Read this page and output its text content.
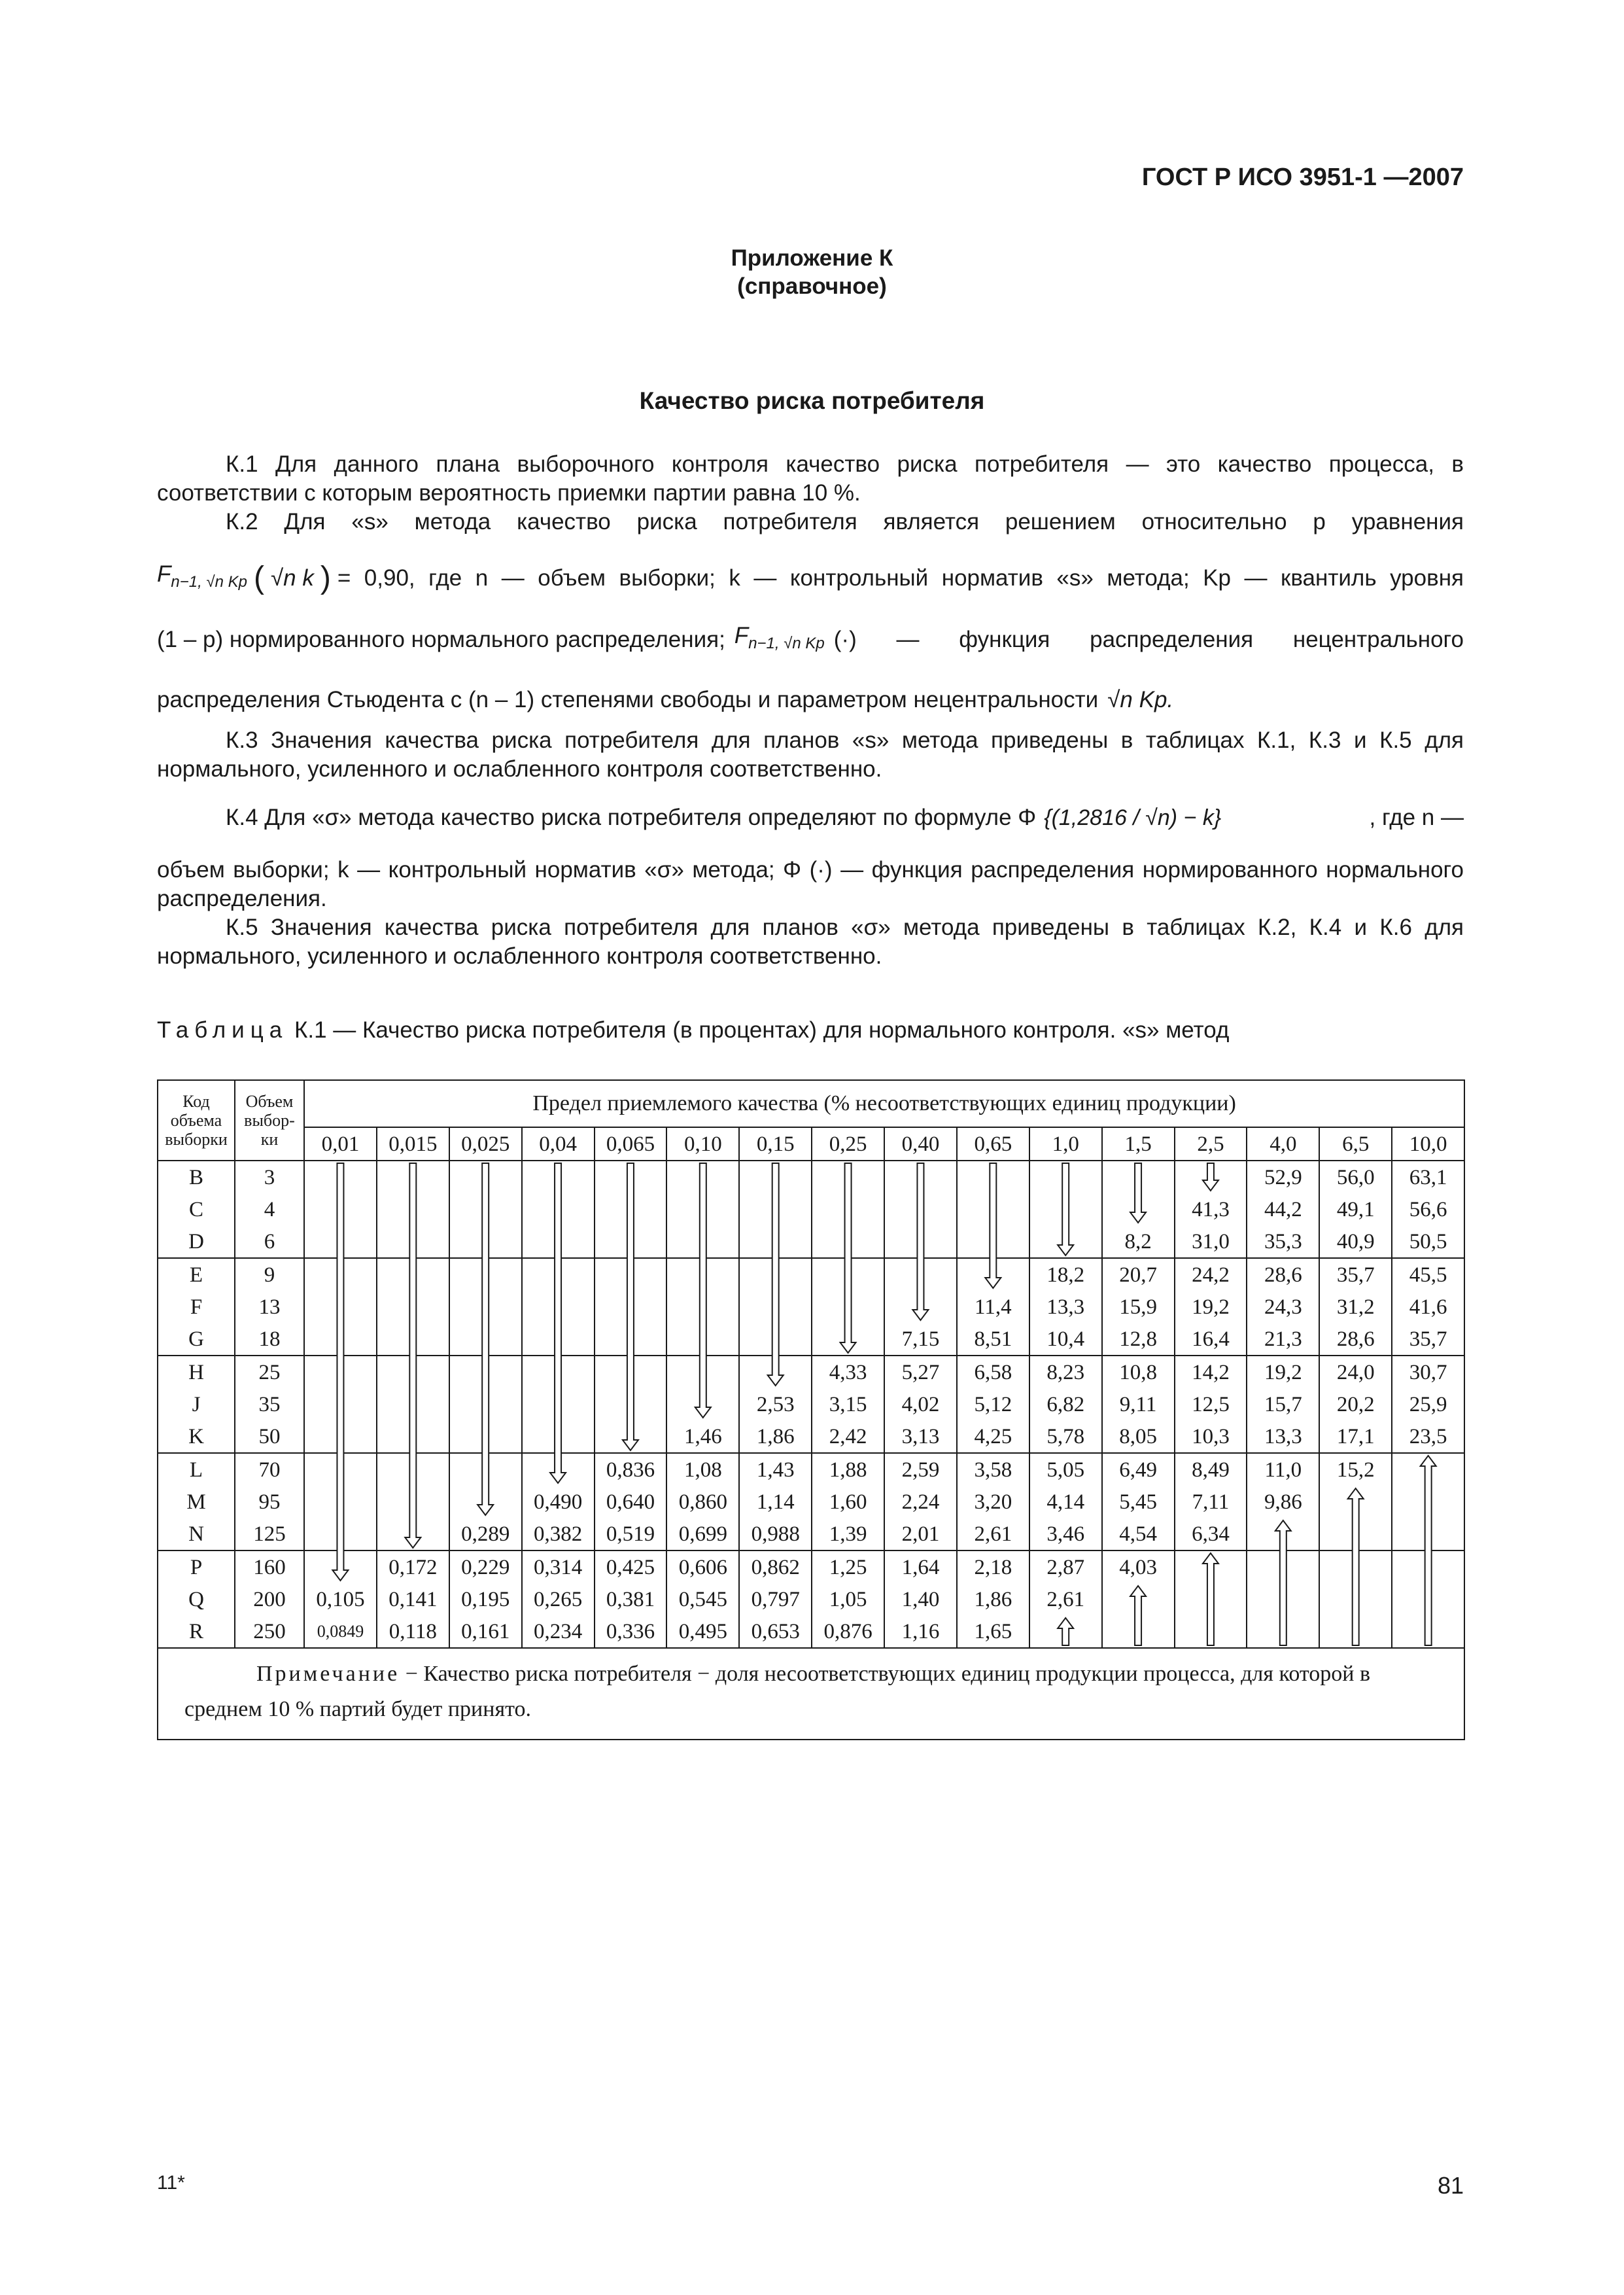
ГОСТ Р ИСО 3951-1 —2007
Приложение К
(справочное)
Качество риска потребителя
К.1 Для данного плана выборочного контроля качество риска потребителя — это качество процесса, в соответствии с которым вероятность приемки партии равна 10 %.
К.2 Для «s» метода качество риска потребителя является решением относительно p уравнения
$F_{n-1, √n Kp}$ ( √n k ) = 0,90, где n — объем выборки; k — контрольный норматив «s» метода; Kp — квантиль уровня
(1 – p) нормированного нормального распределения; $F_{n-1, √n Kp}$ (·) — функция распределения нецентрального
распределения Стьюдента с (n – 1) степенями свободы и параметром нецентральности √n Kp.
К.3 Значения качества риска потребителя для планов «s» метода приведены в таблицах К.1, К.3 и К.5 для нормального, усиленного и ослабленного контроля соответственно.
К.4 Для «σ» метода качество риска потребителя определяют по формуле Φ {(1,2816 / √n) − k}	, где n —
объем выборки; k — контрольный норматив «σ» метода; Φ (·) — функция распределения нормированного нормального распределения.
К.5 Значения качества риска потребителя для планов «σ» метода приведены в таблицах К.2, К.4 и К.6 для нормального, усиленного и ослабленного контроля соответственно.
Таблица К.1 — Качество риска потребителя (в процентах) для нормального контроля. «s» метод
Код объема выборки	Объем выбор-ки	Предел приемлемого качества (% несоответствующих единиц продукции)															
		0,01	0,015	0,025	0,04	0,065	0,10	0,15	0,25	0,40	0,65	1,0	1,5	2,5	4,0	6,5	10,0
B	3														52,9	56,0	63,1
C	4													41,3	44,2	49,1	56,6
D	6												8,2	31,0	35,3	40,9	50,5
E	9											18,2	20,7	24,2	28,6	35,7	45,5
F	13										11,4	13,3	15,9	19,2	24,3	31,2	41,6
G	18									7,15	8,51	10,4	12,8	16,4	21,3	28,6	35,7
H	25								4,33	5,27	6,58	8,23	10,8	14,2	19,2	24,0	30,7
J	35							2,53	3,15	4,02	5,12	6,82	9,11	12,5	15,7	20,2	25,9
K	50						1,46	1,86	2,42	3,13	4,25	5,78	8,05	10,3	13,3	17,1	23,5
L	70					0,836	1,08	1,43	1,88	2,59	3,58	5,05	6,49	8,49	11,0	15,2	
M	95				0,490	0,640	0,860	1,14	1,60	2,24	3,20	4,14	5,45	7,11	9,86		
N	125			0,289	0,382	0,519	0,699	0,988	1,39	2,01	2,61	3,46	4,54	6,34			
P	160		0,172	0,229	0,314	0,425	0,606	0,862	1,25	1,64	2,18	2,87	4,03				
Q	200	0,105	0,141	0,195	0,265	0,381	0,545	0,797	1,05	1,40	1,86	2,61					
R	250	0,0849	0,118	0,161	0,234	0,336	0,495	0,653	0,876	1,16	1,65						
Примечание − Качество риска потребителя − доля несоответствующих единиц продукции процесса, для которой в среднем 10 % партий будет принято.																	
11*	81
